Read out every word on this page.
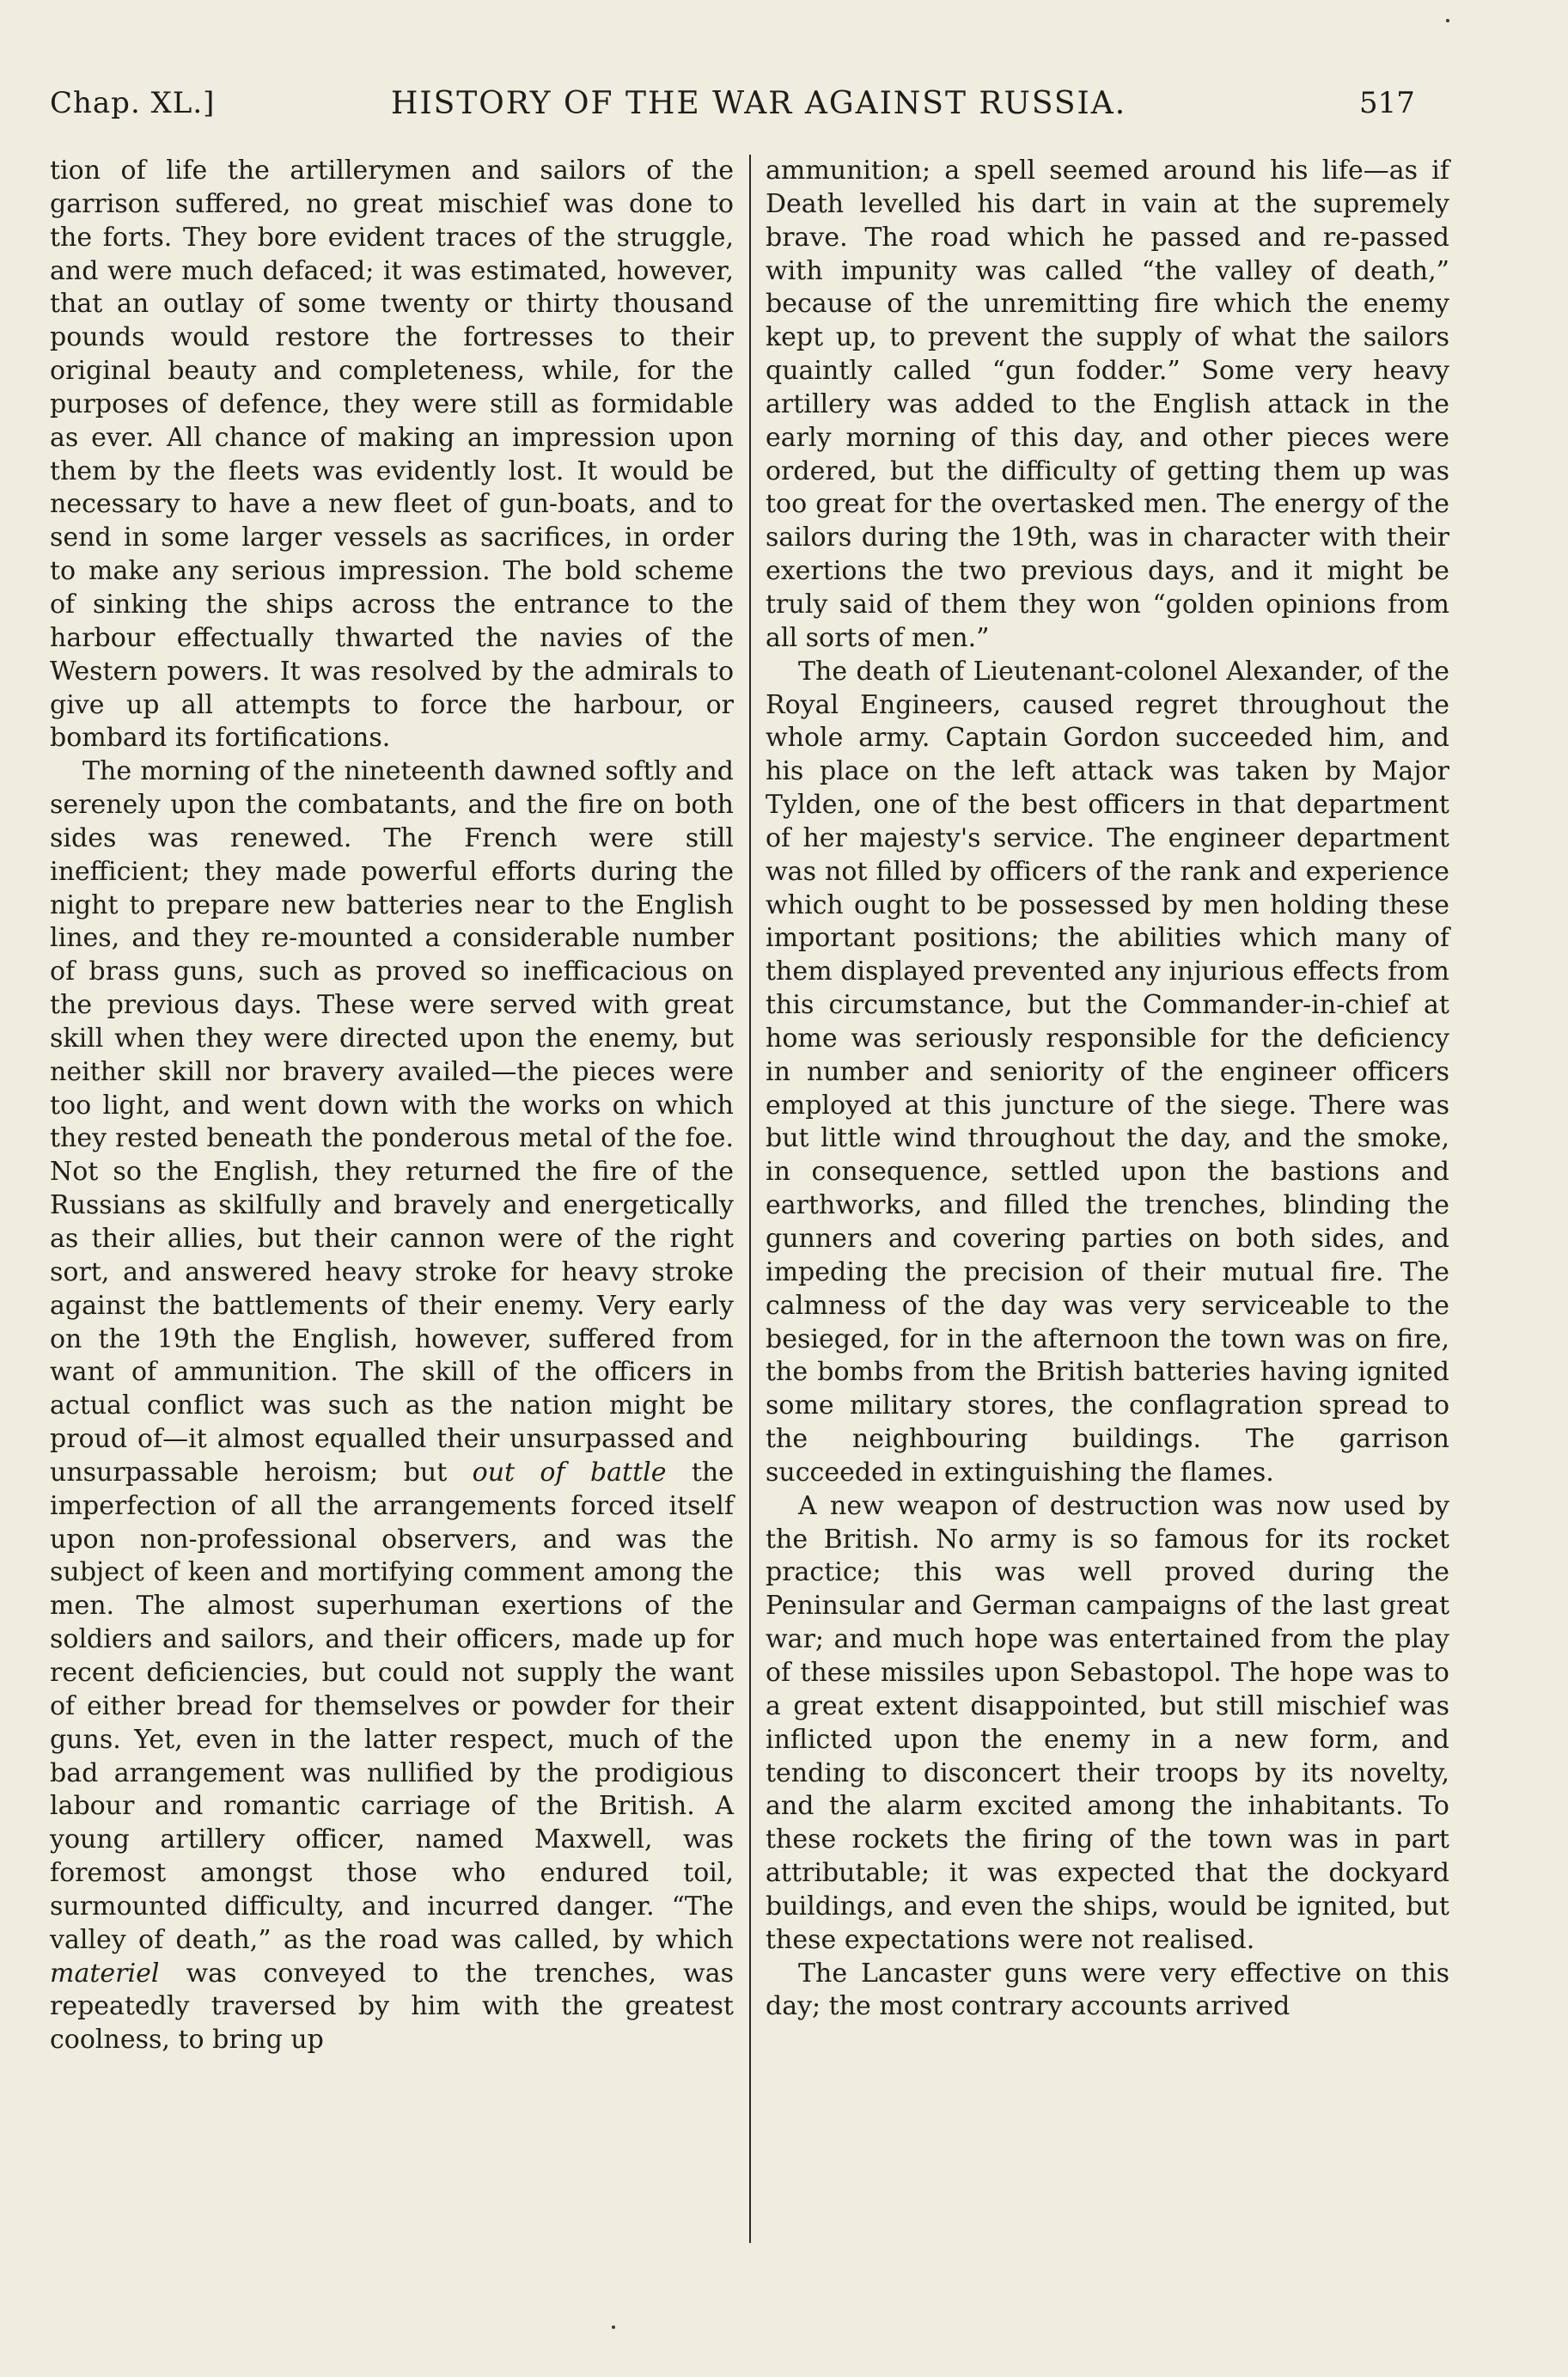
Chap. XL.]	HISTORY OF THE WAR AGAINST RUSSIA.	517

tion of life the artillerymen and sailors of the garrison suffered, no great mischief was done to the forts. They bore evident traces of the struggle, and were much defaced; it was estimated, however, that an outlay of some twenty or thirty thousand pounds would restore the fortresses to their original beauty and completeness, while, for the purposes of defence, they were still as formidable as ever. All chance of making an impression upon them by the fleets was evidently lost. It would be necessary to have a new fleet of gun-boats, and to send in some larger vessels as sacrifices, in order to make any serious impression. The bold scheme of sinking the ships across the entrance to the harbour effectually thwarted the navies of the Western powers. It was resolved by the admirals to give up all attempts to force the harbour, or bombard its fortifications.

The morning of the nineteenth dawned softly and serenely upon the combatants, and the fire on both sides was renewed. The French were still inefficient; they made powerful efforts during the night to prepare new batteries near to the English lines, and they re-mounted a considerable number of brass guns, such as proved so inefficacious on the previous days. These were served with great skill when they were directed upon the enemy, but neither skill nor bravery availed—the pieces were too light, and went down with the works on which they rested beneath the ponderous metal of the foe. Not so the English, they returned the fire of the Russians as skilfully and bravely and energetically as their allies, but their cannon were of the right sort, and answered heavy stroke for heavy stroke against the battlements of their enemy. Very early on the 19th the English, however, suffered from want of ammunition. The skill of the officers in actual conflict was such as the nation might be proud of—it almost equalled their unsurpassed and unsurpassable heroism; but out of battle the imperfection of all the arrangements forced itself upon non-professional observers, and was the subject of keen and mortifying comment among the men. The almost superhuman exertions of the soldiers and sailors, and their officers, made up for recent deficiencies, but could not supply the want of either bread for themselves or powder for their guns. Yet, even in the latter respect, much of the bad arrangement was nullified by the prodigious labour and romantic carriage of the British. A young artillery officer, named Maxwell, was foremost amongst those who endured toil, surmounted difficulty, and incurred danger. “The valley of death,” as the road was called, by which materiel was conveyed to the trenches, was repeatedly traversed by him with the greatest coolness, to bring up

ammunition; a spell seemed around his life—as if Death levelled his dart in vain at the supremely brave. The road which he passed and re-passed with impunity was called “the valley of death,” because of the unremitting fire which the enemy kept up, to prevent the supply of what the sailors quaintly called “gun fodder.” Some very heavy artillery was added to the English attack in the early morning of this day, and other pieces were ordered, but the difficulty of getting them up was too great for the overtasked men. The energy of the sailors during the 19th, was in character with their exertions the two previous days, and it might be truly said of them they won “golden opinions from all sorts of men.”

The death of Lieutenant-colonel Alexander, of the Royal Engineers, caused regret throughout the whole army. Captain Gordon succeeded him, and his place on the left attack was taken by Major Tylden, one of the best officers in that department of her majesty's service. The engineer department was not filled by officers of the rank and experience which ought to be possessed by men holding these important positions; the abilities which many of them displayed prevented any injurious effects from this circumstance, but the Commander-in-chief at home was seriously responsible for the deficiency in number and seniority of the engineer officers employed at this juncture of the siege. There was but little wind throughout the day, and the smoke, in consequence, settled upon the bastions and earthworks, and filled the trenches, blinding the gunners and covering parties on both sides, and impeding the precision of their mutual fire. The calmness of the day was very serviceable to the besieged, for in the afternoon the town was on fire, the bombs from the British batteries having ignited some military stores, the conflagration spread to the neighbouring buildings. The garrison succeeded in extinguishing the flames.

A new weapon of destruction was now used by the British. No army is so famous for its rocket practice; this was well proved during the Peninsular and German campaigns of the last great war; and much hope was entertained from the play of these missiles upon Sebastopol. The hope was to a great extent disappointed, but still mischief was inflicted upon the enemy in a new form, and tending to disconcert their troops by its novelty, and the alarm excited among the inhabitants. To these rockets the firing of the town was in part attributable; it was expected that the dockyard buildings, and even the ships, would be ignited, but these expectations were not realised.

The Lancaster guns were very effective on this day; the most contrary accounts arrived
